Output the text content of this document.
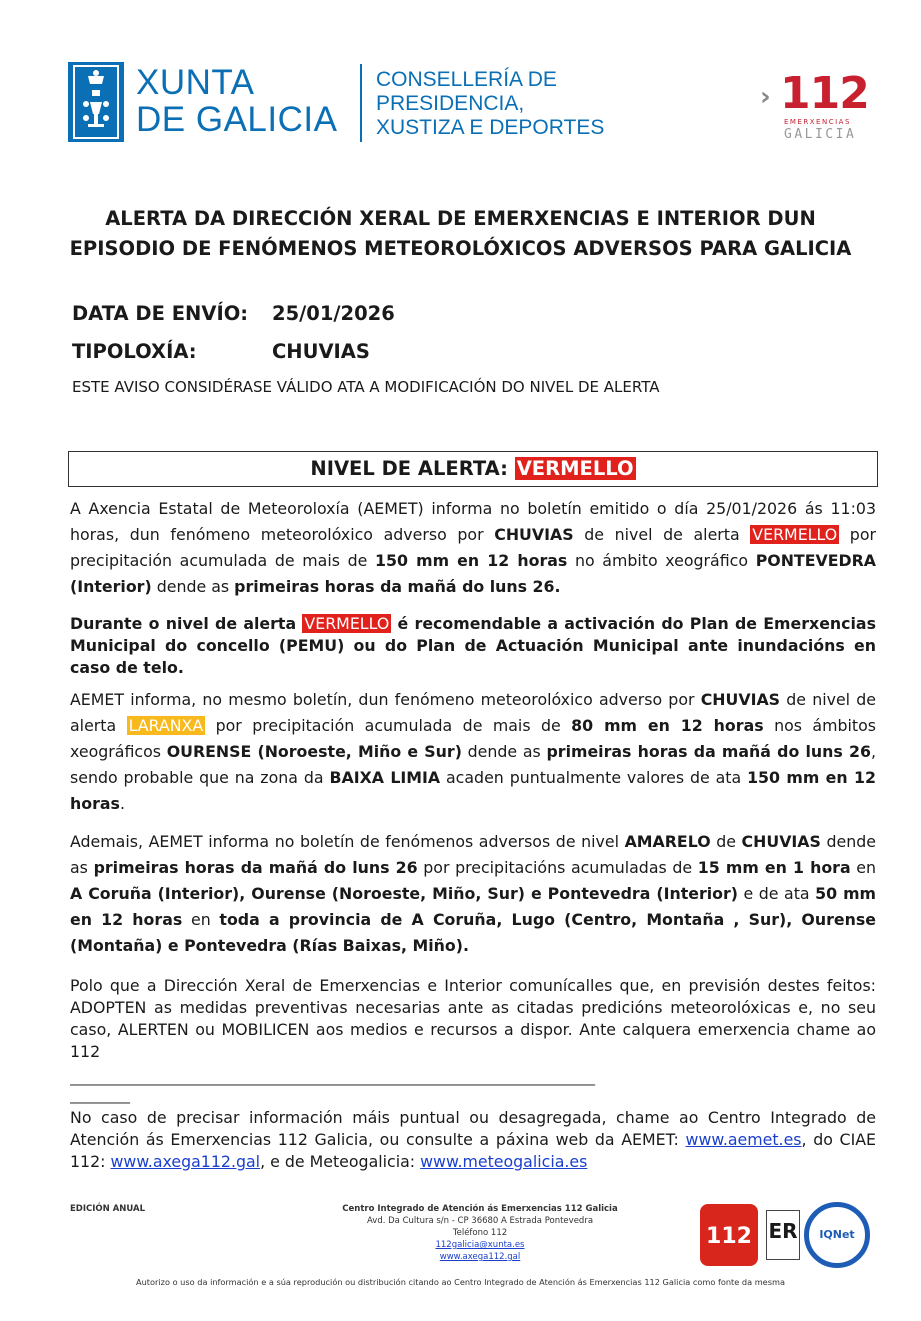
XUNTA
DE GALICIA
CONSELLERÍA DE
PRESIDENCIA,
XUSTIZA E DEPORTES
› 112
EMERXENCIAS
GALICIA
ALERTA DA DIRECCIÓN XERAL DE EMERXENCIAS E INTERIOR DUN
EPISODIO DE FENÓMENOS METEOROLÓXICOS ADVERSOS PARA GALICIA
DATA DE ENVÍO: 25/01/2026
TIPOLOXÍA:	CHUVIAS
ESTE AVISO CONSIDÉRASE VÁLIDO ATA A MODIFICACIÓN DO NIVEL DE ALERTA
NIVEL DE ALERTA: VERMELLO
A Axencia Estatal de Meteoroloxía (AEMET) informa no boletín emitido o día 25/01/2026 ás 11:03 horas, dun fenómeno meteorolóxico adverso por CHUVIAS de nivel de alerta VERMELLO por precipitación acumulada de mais de 150 mm en 12 horas no ámbito xeográfico PONTEVEDRA (Interior) dende as primeiras horas da mañá do luns 26.
Durante o nivel de alerta VERMELLO é recomendable a activación do Plan de Emerxencias Municipal do concello (PEMU) ou do Plan de Actuación Municipal ante inundacións en caso de telo.
AEMET informa, no mesmo boletín, dun fenómeno meteorolóxico adverso por CHUVIAS de nivel de alerta LARANXA por precipitación acumulada de mais de 80 mm en 12 horas nos ámbitos xeográficos OURENSE (Noroeste, Miño e Sur) dende as primeiras horas da mañá do luns 26, sendo probable que na zona da BAIXA LIMIA acaden puntualmente valores de ata 150 mm en 12 horas.
Ademais, AEMET informa no boletín de fenómenos adversos de nivel AMARELO de CHUVIAS dende as primeiras horas da mañá do luns 26 por precipitacións acumuladas de 15 mm en 1 hora en A Coruña (Interior), Ourense (Noroeste, Miño, Sur) e Pontevedra (Interior) e de ata 50 mm en 12 horas en toda a provincia de A Coruña, Lugo (Centro, Montaña , Sur), Ourense (Montaña) e Pontevedra (Rías Baixas, Miño).
Polo que a Dirección Xeral de Emerxencias e Interior comunícalles que, en previsión destes feitos: ADOPTEN as medidas preventivas necesarias ante as citadas predicións meteorolóxicas e, no seu caso, ALERTEN ou MOBILICEN aos medios e recursos a dispor. Ante calquera emerxencia chame ao 112
______________________________________________________________________
________
No caso de precisar información máis puntual ou desagregada, chame ao Centro Integrado de Atención ás Emerxencias 112 Galicia, ou consulte a páxina web da AEMET: www.aemet.es, do CIAE 112: www.axega112.gal, e de Meteogalicia: www.meteogalicia.es
EDICIÓN ANUAL	Centro Integrado de Atención ás Emerxencias 112 Galicia
Avd. Da Cultura s/n - CP 36680 A Estrada Pontevedra
Teléfono 112
112galicia@xunta.es
www.axega112.gal
112 ER	IQNet
Autorizo o uso da información e a súa reprodución ou distribución citando ao Centro Integrado de Atención ás Emerxencias 112 Galicia como fonte da mesma
